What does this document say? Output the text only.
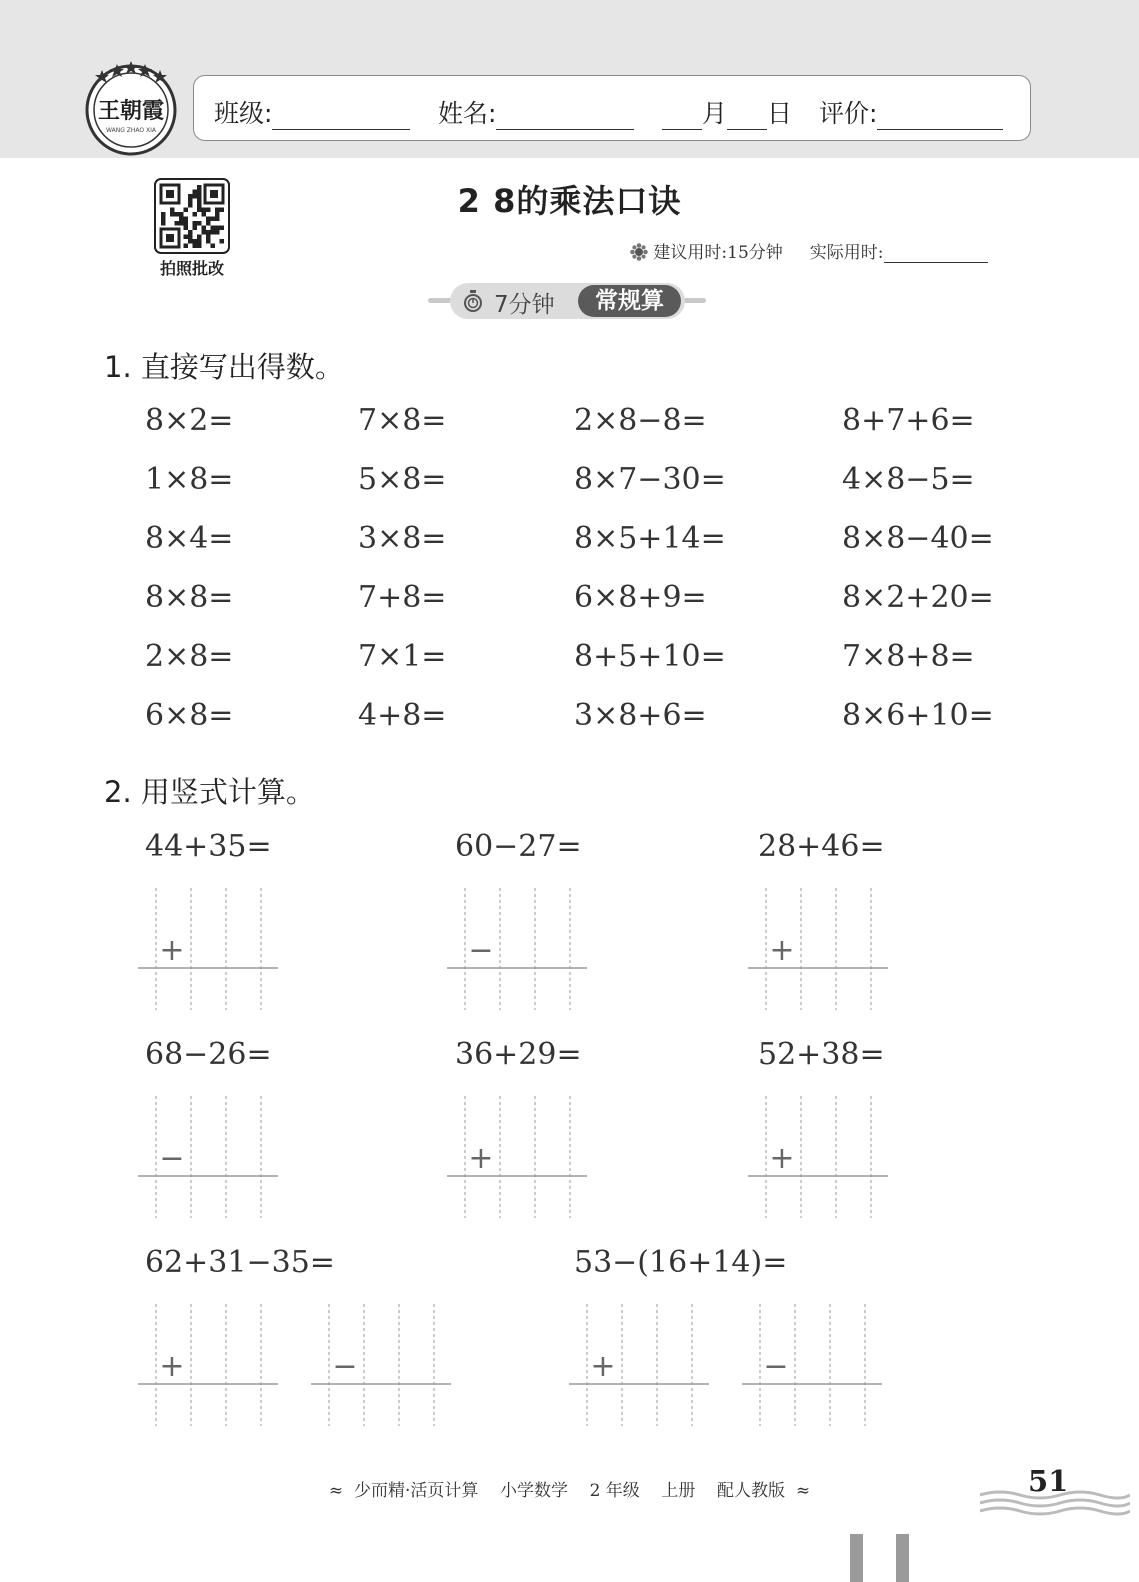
王朝霞
WANG ZHAO XIA
班级:	姓名:	月 日 评价:
拍照批改
2 8的乘法口诀
建议用时:15分钟 实际用时:
7分钟	常规算
1. 直接写出得数。
8×2=	7×8=	2×8−8=	8+7+6=
1×8=	5×8=	8×7−30=	4×8−5=
8×4=	3×8=	8×5+14=	8×8−40=
8×8=	7+8=	6×8+9=	8×2+20=
2×8=	7×1=	8+5+10=	7×8+8=
6×8=	4+8=	3×8+6=	8×6+10=
2. 用竖式计算。
44+35=	60−27=	28+46=
+	−	+
68−26=	36+29=	52+38=
−	+	+
62+31−35=	53−(16+14)=
+	−	+	−
≈  少而精·活页计算    小学数学    2 年级    上册    配人教版  ≈	51
